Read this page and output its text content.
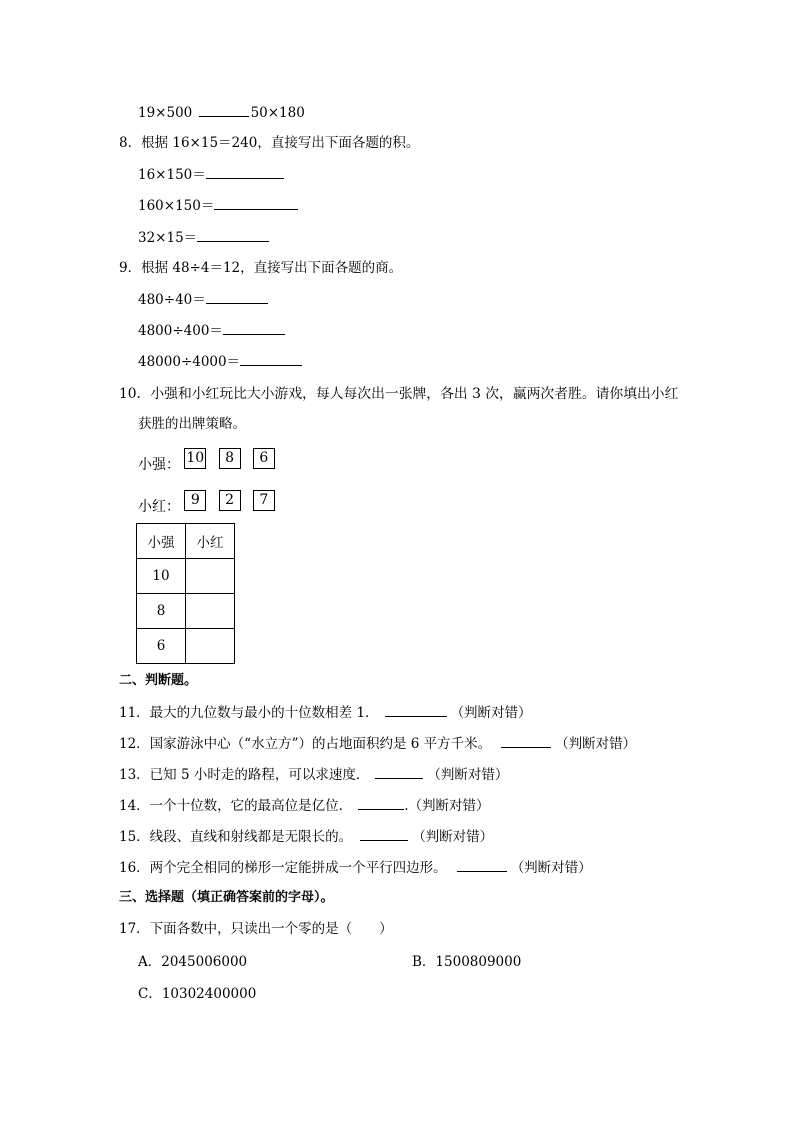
19×500	50×180
8．根据 16×15＝240，直接写出下面各题的积。
16×150＝
160×150＝
32×15＝
9．根据 48÷4＝12，直接写出下面各题的商。
480÷40＝
4800÷400＝
48000÷4000＝
10．小强和小红玩比大小游戏，每人每次出一张牌，各出 3 次，赢两次者胜。请你填出小红
获胜的出牌策略。
小强： 10 8 6
小红： 9 2 7
小强	小红
10	
8	
6	
二、判断题。
11．最大的九位数与最小的十位数相差 1．	（判断对错）
12．国家游泳中心（“水立方”）的占地面积约是 6 平方千米。	（判断对错）
13．已知 5 小时走的路程，可以求速度．	（判断对错）
14．一个十位数，它的最高位是亿位．	.（判断对错）
15．线段、直线和射线都是无限长的。	（判断对错）
16．两个完全相同的梯形一定能拼成一个平行四边形。	（判断对错）
三、选择题（填正确答案前的字母）。
17．下面各数中，只读出一个零的是（　　）
A．2045006000	B．1500809000
C．10302400000
